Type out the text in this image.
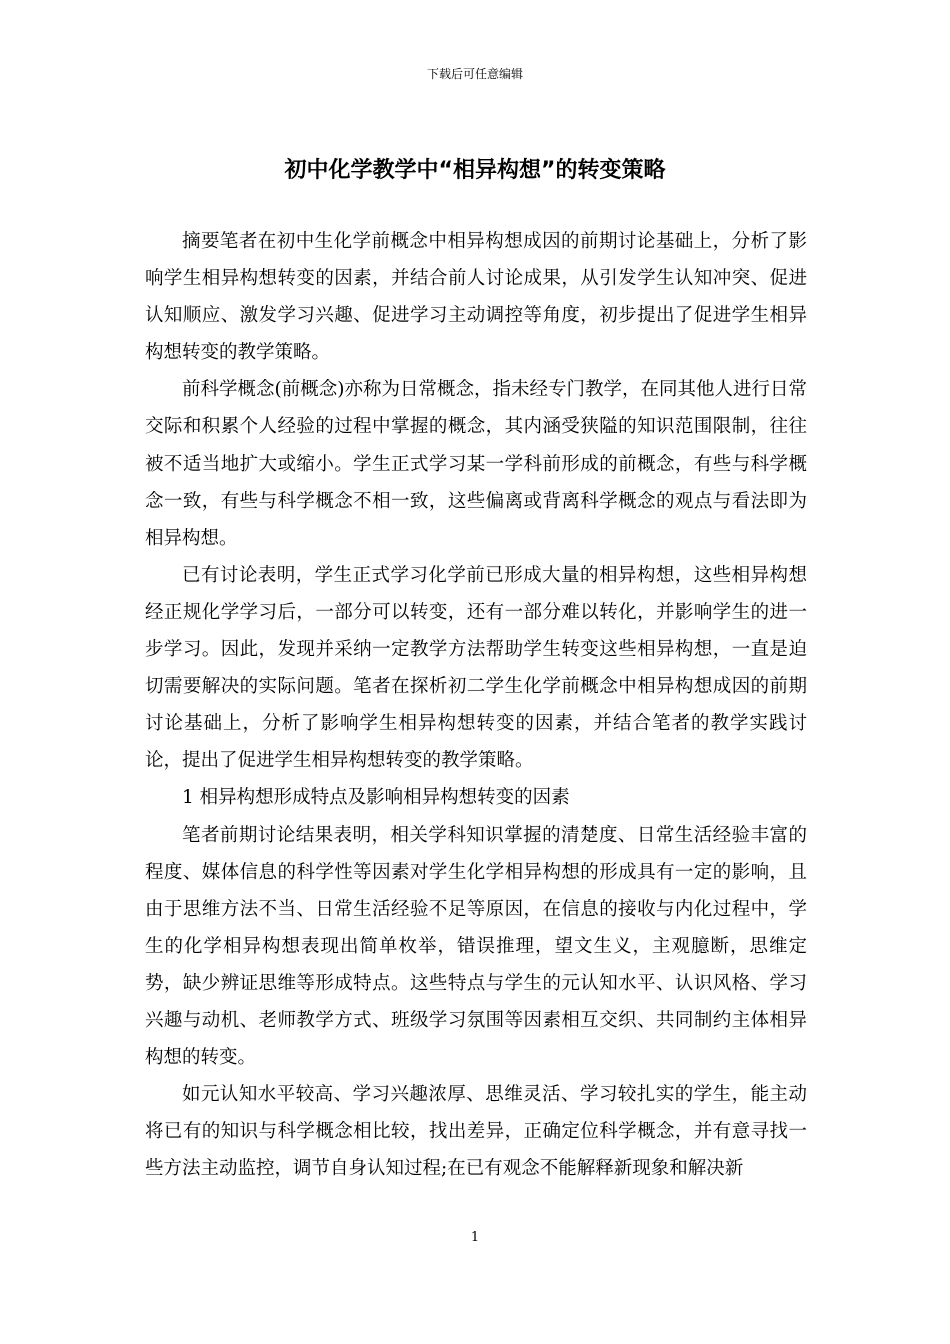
下载后可任意编辑
初中化学教学中“相异构想”的转变策略

摘要笔者在初中生化学前概念中相异构想成因的前期讨论基础上，分析了影响学生相异构想转变的因素，并结合前人讨论成果，从引发学生认知冲突、促进认知顺应、激发学习兴趣、促进学习主动调控等角度，初步提出了促进学生相异构想转变的教学策略。

前科学概念(前概念)亦称为日常概念，指未经专门教学，在同其他人进行日常交际和积累个人经验的过程中掌握的概念，其内涵受狭隘的知识范围限制，往往被不适当地扩大或缩小。学生正式学习某一学科前形成的前概念，有些与科学概念一致，有些与科学概念不相一致，这些偏离或背离科学概念的观点与看法即为相异构想。

已有讨论表明，学生正式学习化学前已形成大量的相异构想，这些相异构想经正规化学学习后，一部分可以转变，还有一部分难以转化，并影响学生的进一步学习。因此，发现并采纳一定教学方法帮助学生转变这些相异构想，一直是迫切需要解决的实际问题。笔者在探析初二学生化学前概念中相异构想成因的前期讨论基础上，分析了影响学生相异构想转变的因素，并结合笔者的教学实践讨论，提出了促进学生相异构想转变的教学策略。

1 相异构想形成特点及影响相异构想转变的因素

笔者前期讨论结果表明，相关学科知识掌握的清楚度、日常生活经验丰富的程度、媒体信息的科学性等因素对学生化学相异构想的形成具有一定的影响，且由于思维方法不当、日常生活经验不足等原因，在信息的接收与内化过程中，学生的化学相异构想表现出简单枚举，错误推理，望文生义，主观臆断，思维定势，缺少辨证思维等形成特点。这些特点与学生的元认知水平、认识风格、学习兴趣与动机、老师教学方式、班级学习氛围等因素相互交织、共同制约主体相异构想的转变。

如元认知水平较高、学习兴趣浓厚、思维灵活、学习较扎实的学生，能主动将已有的知识与科学概念相比较，找出差异，正确定位科学概念，并有意寻找一些方法主动监控，调节自身认知过程;在已有观念不能解释新现象和解决新

1
